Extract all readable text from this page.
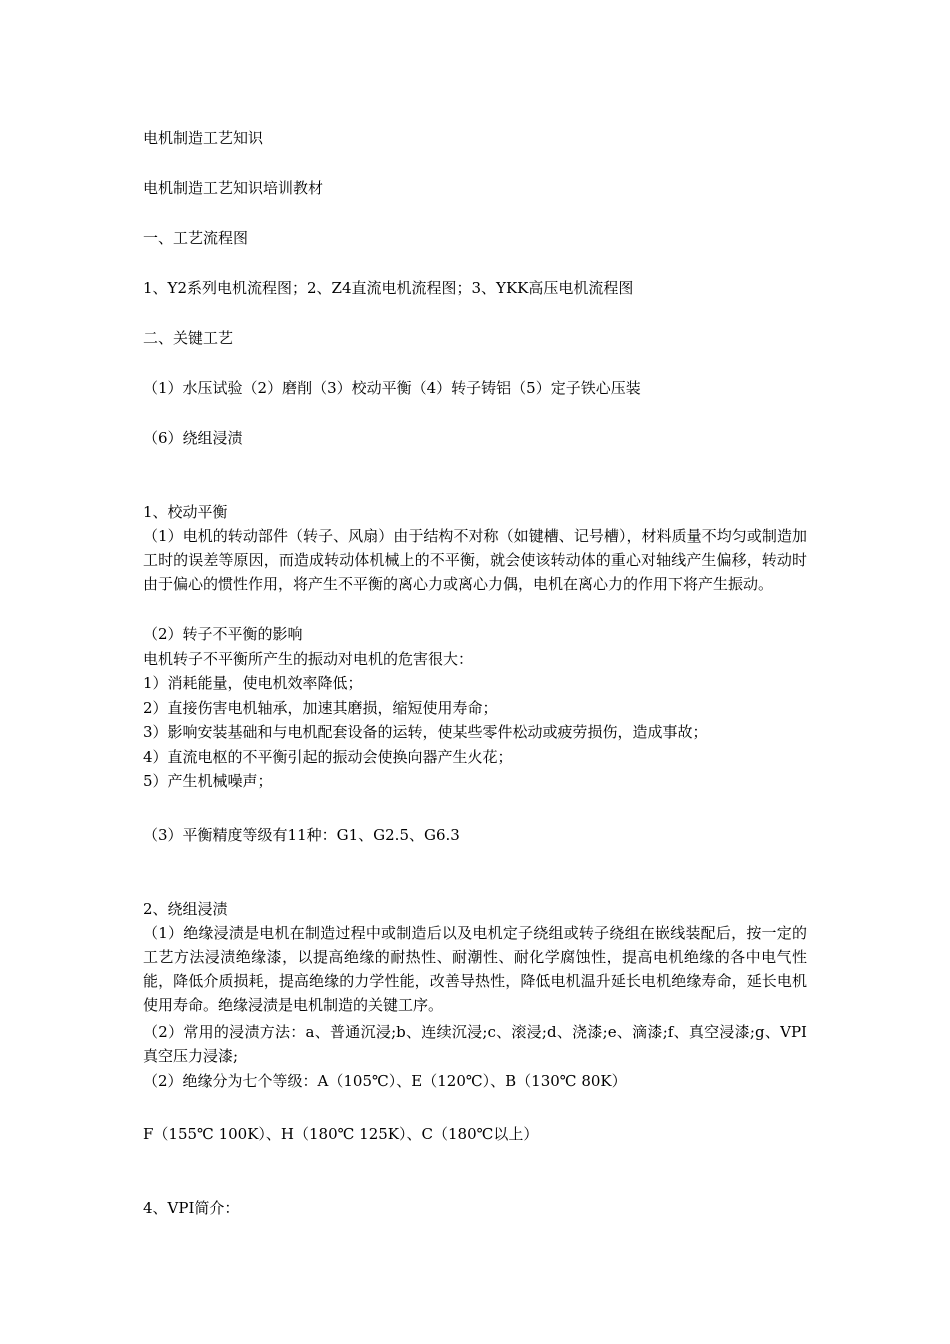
电机制造工艺知识
电机制造工艺知识培训教材
一、工艺流程图
1、Y2系列电机流程图；2、Z4直流电机流程图；3、YKK高压电机流程图
二、关键工艺
（1）水压试验（2）磨削（3）校动平衡（4）转子铸铝（5）定子铁心压装
（6）绕组浸渍
1、校动平衡
（1）电机的转动部件（转子、风扇）由于结构不对称（如键槽、记号槽），材料质量不均匀或制造加工时的误差等原因，而造成转动体机械上的不平衡，就会使该转动体的重心对轴线产生偏移，转动时由于偏心的惯性作用，将产生不平衡的离心力或离心力偶，电机在离心力的作用下将产生振动。
（2）转子不平衡的影响
电机转子不平衡所产生的振动对电机的危害很大：
1）消耗能量，使电机效率降低；
2）直接伤害电机轴承，加速其磨损，缩短使用寿命；
3）影响安装基础和与电机配套设备的运转，使某些零件松动或疲劳损伤，造成事故；
4）直流电枢的不平衡引起的振动会使换向器产生火花；
5）产生机械噪声；
（3）平衡精度等级有11种：G1、G2.5、G6.3
2、绕组浸渍
（1）绝缘浸渍是电机在制造过程中或制造后以及电机定子绕组或转子绕组在嵌线装配后，按一定的工艺方法浸渍绝缘漆，以提高绝缘的耐热性、耐潮性、耐化学腐蚀性，提高电机绝缘的各中电气性能，降低介质损耗，提高绝缘的力学性能，改善导热性，降低电机温升延长电机绝缘寿命，延长电机使用寿命。绝缘浸渍是电机制造的关键工序。
（2）常用的浸渍方法：a、普通沉浸;b、连续沉浸;c、滚浸;d、浇漆;e、滴漆;f、真空浸漆;g、VPI真空压力浸漆;
（2）绝缘分为七个等级：A（105℃）、E（120℃）、B（130℃ 80K）
F（155℃ 100K）、H（180℃ 125K）、C（180℃以上）
4、VPI简介：
